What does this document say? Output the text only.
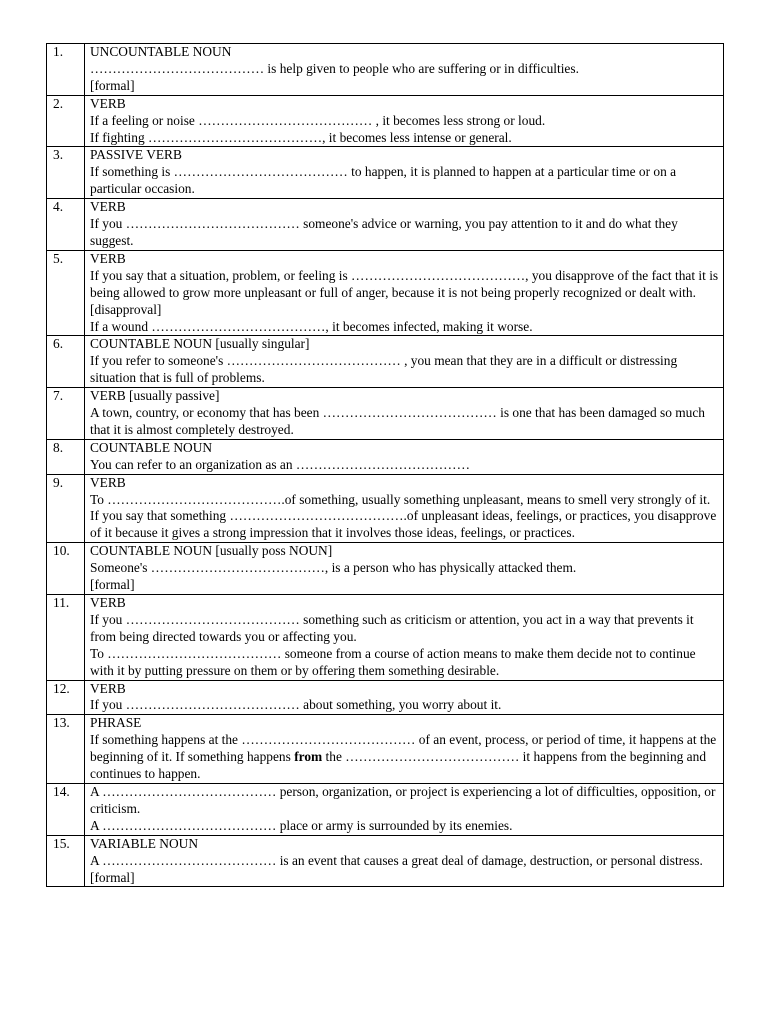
1.	UNCOUNTABLE NOUN
………………………………… is help given to people who are suffering or in difficulties.
[formal]

2.	VERB
If a feeling or noise ………………………………… , it becomes less strong or loud.
If fighting …………………………………, it becomes less intense or general.

3.	PASSIVE VERB
If something is ………………………………… to happen, it is planned to happen at a particular time or on a particular occasion.

4.	VERB
If you ………………………………… someone's advice or warning, you pay attention to it and do what they suggest.

5.	VERB
If you say that a situation, problem, or feeling is …………………………………, you disapprove of the fact that it is being allowed to grow more unpleasant or full of anger, because it is not being properly recognized or dealt with.
[disapproval]
If a wound …………………………………, it becomes infected, making it worse.

6.	COUNTABLE NOUN [usually singular]
If you refer to someone's ………………………………… , you mean that they are in a difficult or distressing situation that is full of problems.

7.	VERB [usually passive]
A town, country, or economy that has been ………………………………… is one that has been damaged so much that it is almost completely destroyed.

8.	COUNTABLE NOUN
You can refer to an organization as an …………………………………

9.	VERB
To ………………………………….of something, usually something unpleasant, means to smell very strongly of it.
If you say that something ………………………………….of unpleasant ideas, feelings, or practices, you disapprove of it because it gives a strong impression that it involves those ideas, feelings, or practices.

10.	COUNTABLE NOUN [usually poss NOUN]
Someone's …………………………………, is a person who has physically attacked them.
[formal]

11.	VERB
If you ………………………………… something such as criticism or attention, you act in a way that prevents it from being directed towards you or affecting you.
To ………………………………… someone from a course of action means to make them decide not to continue with it by putting pressure on them or by offering them something desirable.

12.	VERB
If you ………………………………… about something, you worry about it.

13.	PHRASE
If something happens at the ………………………………… of an event, process, or period of time, it happens at the beginning of it. If something happens from the ………………………………… it happens from the beginning and continues to happen.

14.	A ………………………………… person, organization, or project is experiencing a lot of difficulties, opposition, or criticism.
A ………………………………… place or army is surrounded by its enemies.

15.	VARIABLE NOUN
A ………………………………… is an event that causes a great deal of damage, destruction, or personal distress.
[formal]
